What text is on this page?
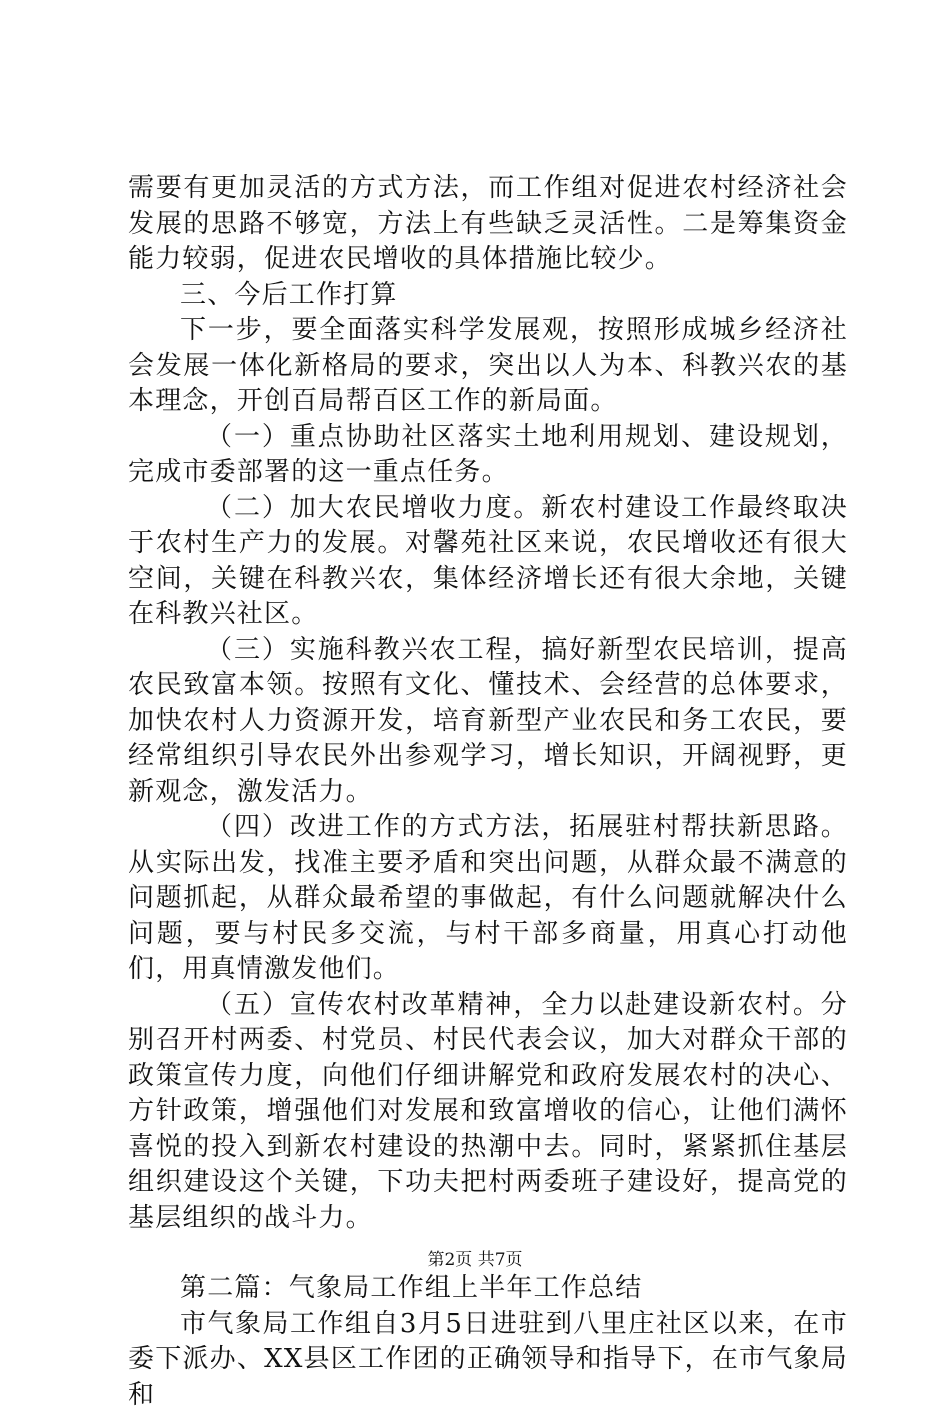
需要有更加灵活的方式方法，而工作组对促进农村经济社会发展的思路不够宽，方法上有些缺乏灵活性。二是筹集资金能力较弱，促进农民增收的具体措施比较少。

三、今后工作打算

下一步，要全面落实科学发展观，按照形成城乡经济社会发展一体化新格局的要求，突出以人为本、科教兴农的基本理念，开创百局帮百区工作的新局面。

（一）重点协助社区落实土地利用规划、建设规划，完成市委部署的这一重点任务。

（二）加大农民增收力度。新农村建设工作最终取决于农村生产力的发展。对馨苑社区来说，农民增收还有很大空间，关键在科教兴农，集体经济增长还有很大余地，关键在科教兴社区。

（三）实施科教兴农工程，搞好新型农民培训，提高农民致富本领。按照有文化、懂技术、会经营的总体要求，加快农村人力资源开发，培育新型产业农民和务工农民，要经常组织引导农民外出参观学习，增长知识，开阔视野，更新观念，激发活力。

（四）改进工作的方式方法，拓展驻村帮扶新思路。从实际出发，找准主要矛盾和突出问题，从群众最不满意的问题抓起，从群众最希望的事做起，有什么问题就解决什么问题，要与村民多交流，与村干部多商量，用真心打动他们，用真情激发他们。

（五）宣传农村改革精神，全力以赴建设新农村。分别召开村两委、村党员、村民代表会议，加大对群众干部的政策宣传力度，向他们仔细讲解党和政府发展农村的决心、方针政策，增强他们对发展和致富增收的信心，让他们满怀喜悦的投入到新农村建设的热潮中去。同时，紧紧抓住基层组织建设这个关键，下功夫把村两委班子建设好，提高党的基层组织的战斗力。

第二篇：气象局工作组上半年工作总结

市气象局工作组自3月5日进驻到八里庄社区以来，在市委下派办、XX县区工作团的正确领导和指导下，在市气象局和

第2页 共7页
